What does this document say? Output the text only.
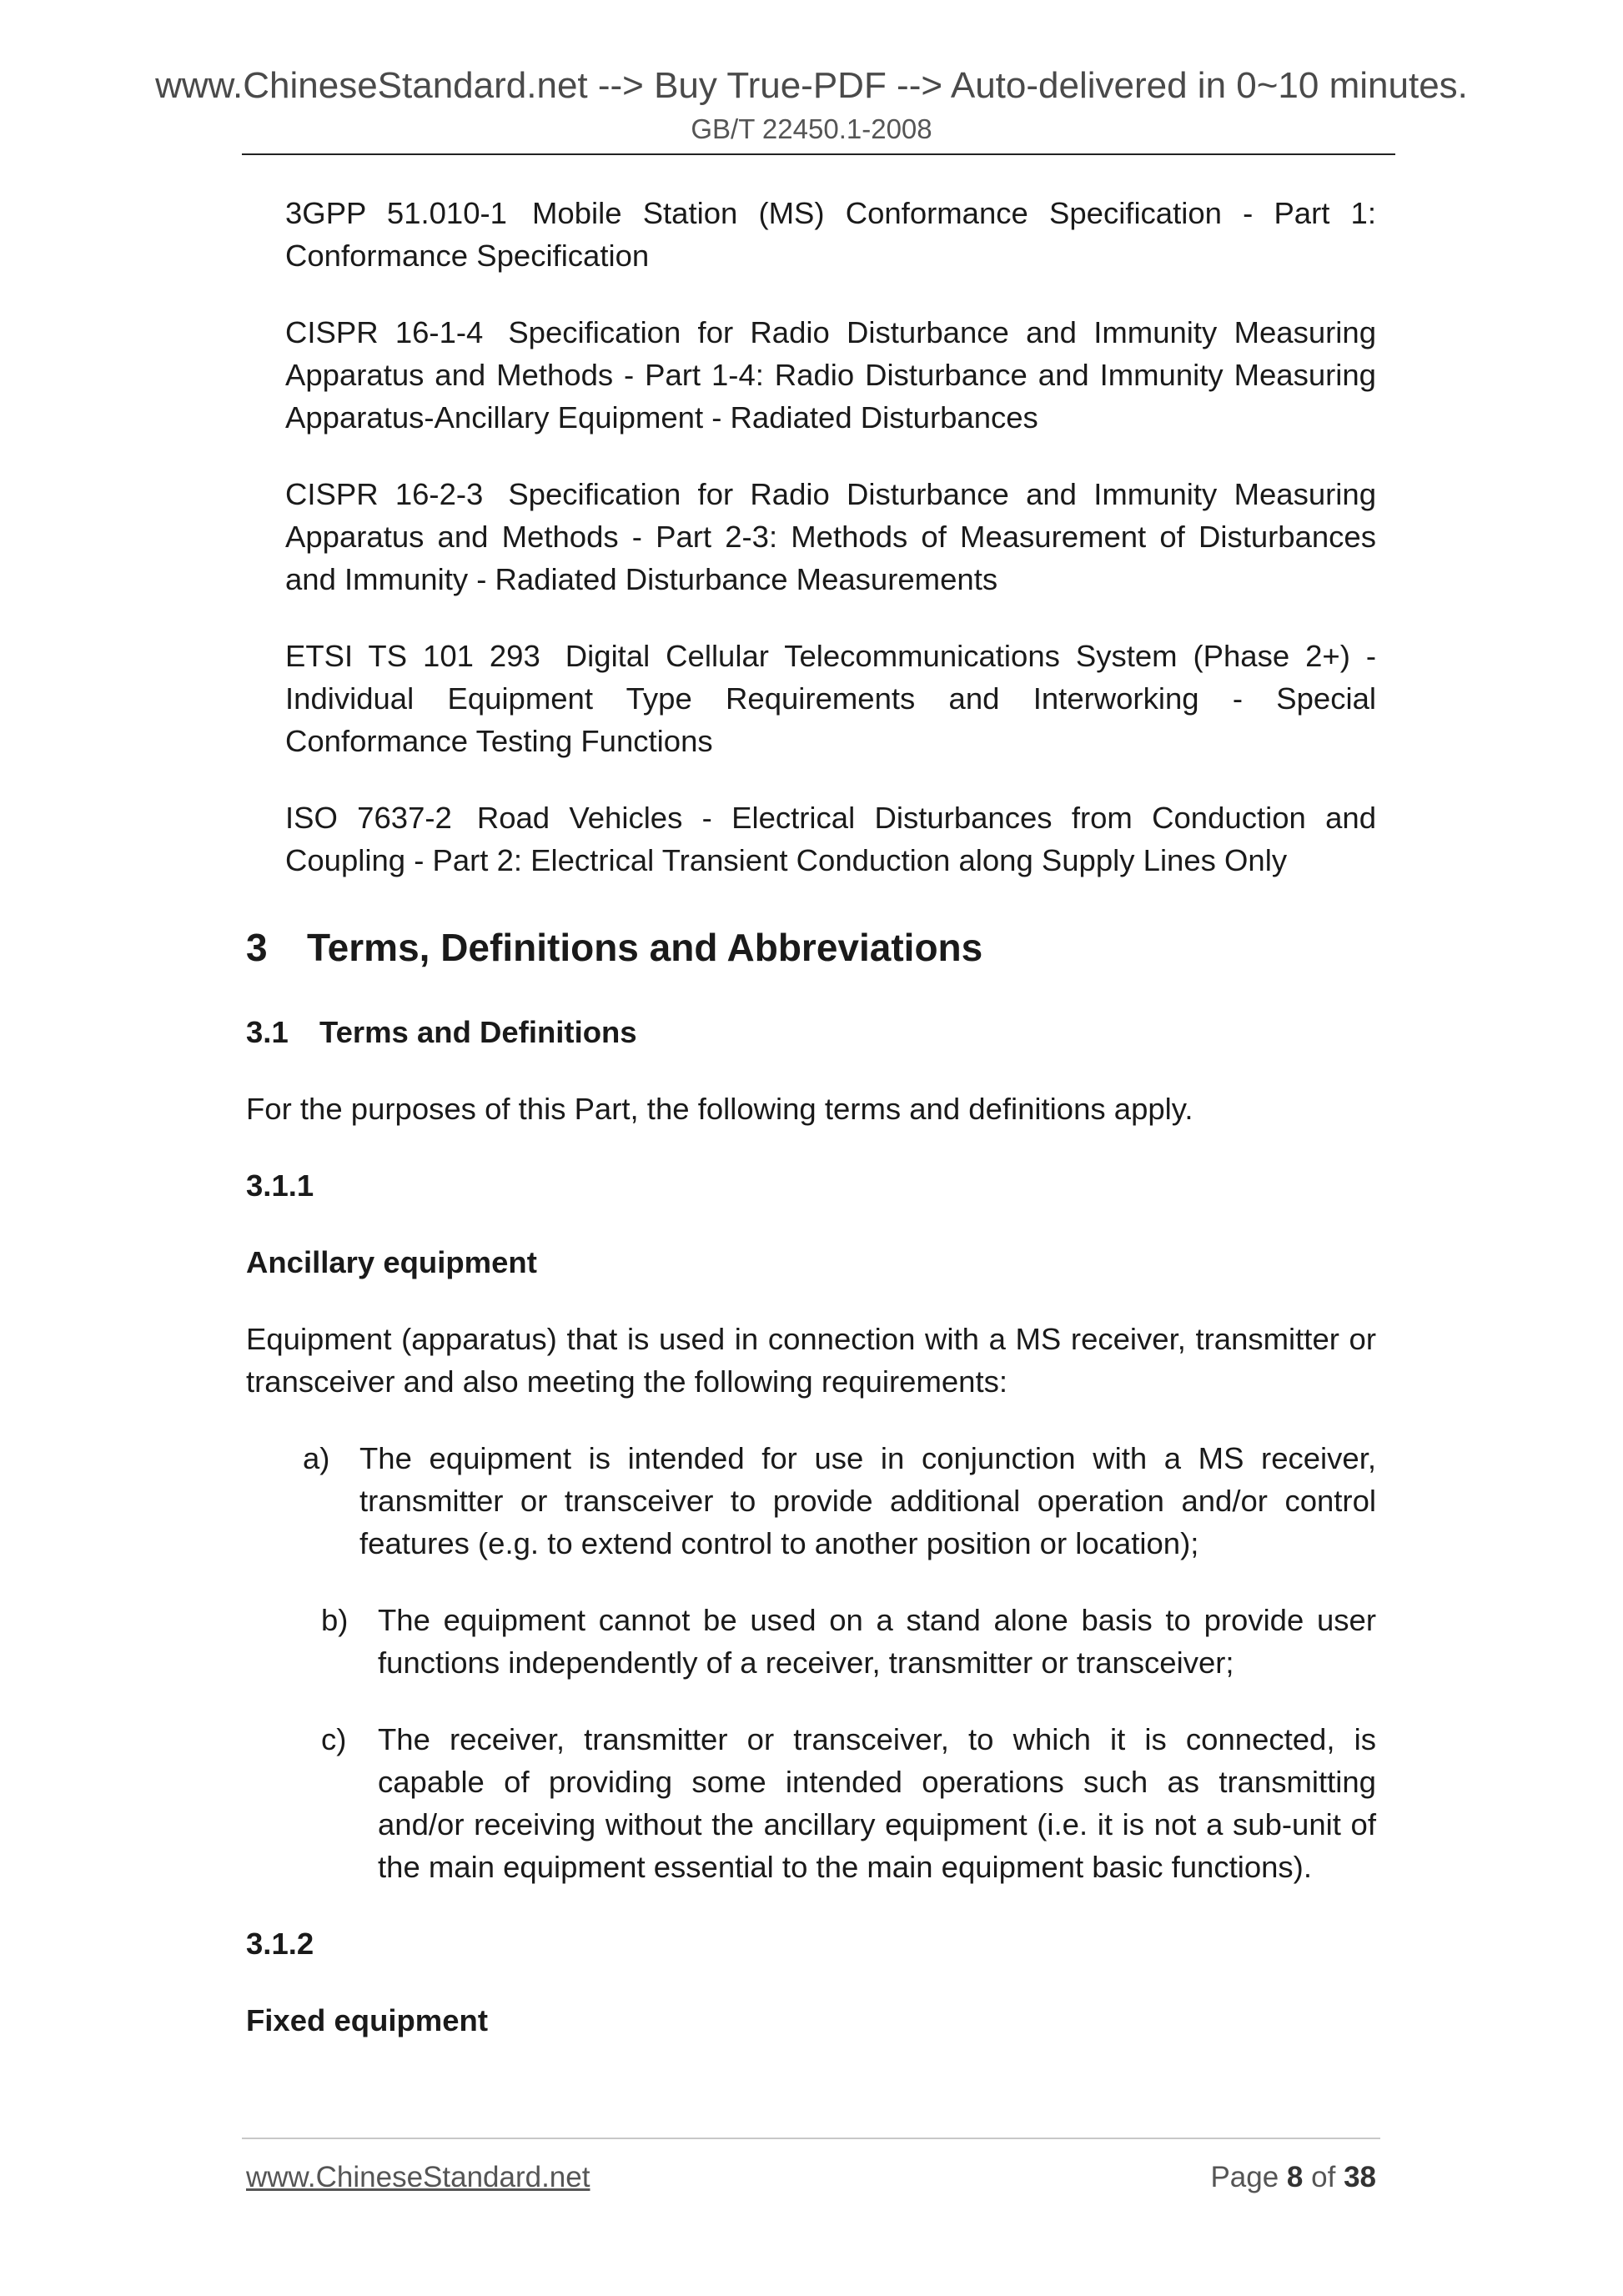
www.ChineseStandard.net --> Buy True-PDF --> Auto-delivered in 0~10 minutes.
GB/T 22450.1-2008
3GPP 51.010-1 Mobile Station (MS) Conformance Specification - Part 1: Conformance Specification
CISPR 16-1-4 Specification for Radio Disturbance and Immunity Measuring Apparatus and Methods - Part 1-4: Radio Disturbance and Immunity Measuring Apparatus-Ancillary Equipment - Radiated Disturbances
CISPR 16-2-3 Specification for Radio Disturbance and Immunity Measuring Apparatus and Methods - Part 2-3: Methods of Measurement of Disturbances and Immunity - Radiated Disturbance Measurements
ETSI TS 101 293 Digital Cellular Telecommunications System (Phase 2+) - Individual Equipment Type Requirements and Interworking - Special Conformance Testing Functions
ISO 7637-2 Road Vehicles - Electrical Disturbances from Conduction and Coupling - Part 2: Electrical Transient Conduction along Supply Lines Only
3 Terms, Definitions and Abbreviations
3.1 Terms and Definitions

For the purposes of this Part, the following terms and definitions apply.

3.1.1
Ancillary equipment

Equipment (apparatus) that is used in connection with a MS receiver, transmitter or transceiver and also meeting the following requirements:

a) The equipment is intended for use in conjunction with a MS receiver, transmitter or transceiver to provide additional operation and/or control features (e.g. to extend control to another position or location);
b) The equipment cannot be used on a stand alone basis to provide user functions independently of a receiver, transmitter or transceiver;
c)	The receiver, transmitter or transceiver, to which it is connected, is capable of providing some intended operations such as transmitting and/or receiving without the ancillary equipment (i.e. it is not a sub-unit of the main equipment essential to the main equipment basic functions).
3.1.2
Fixed equipment
www.ChineseStandard.net	Page 8 of 38
